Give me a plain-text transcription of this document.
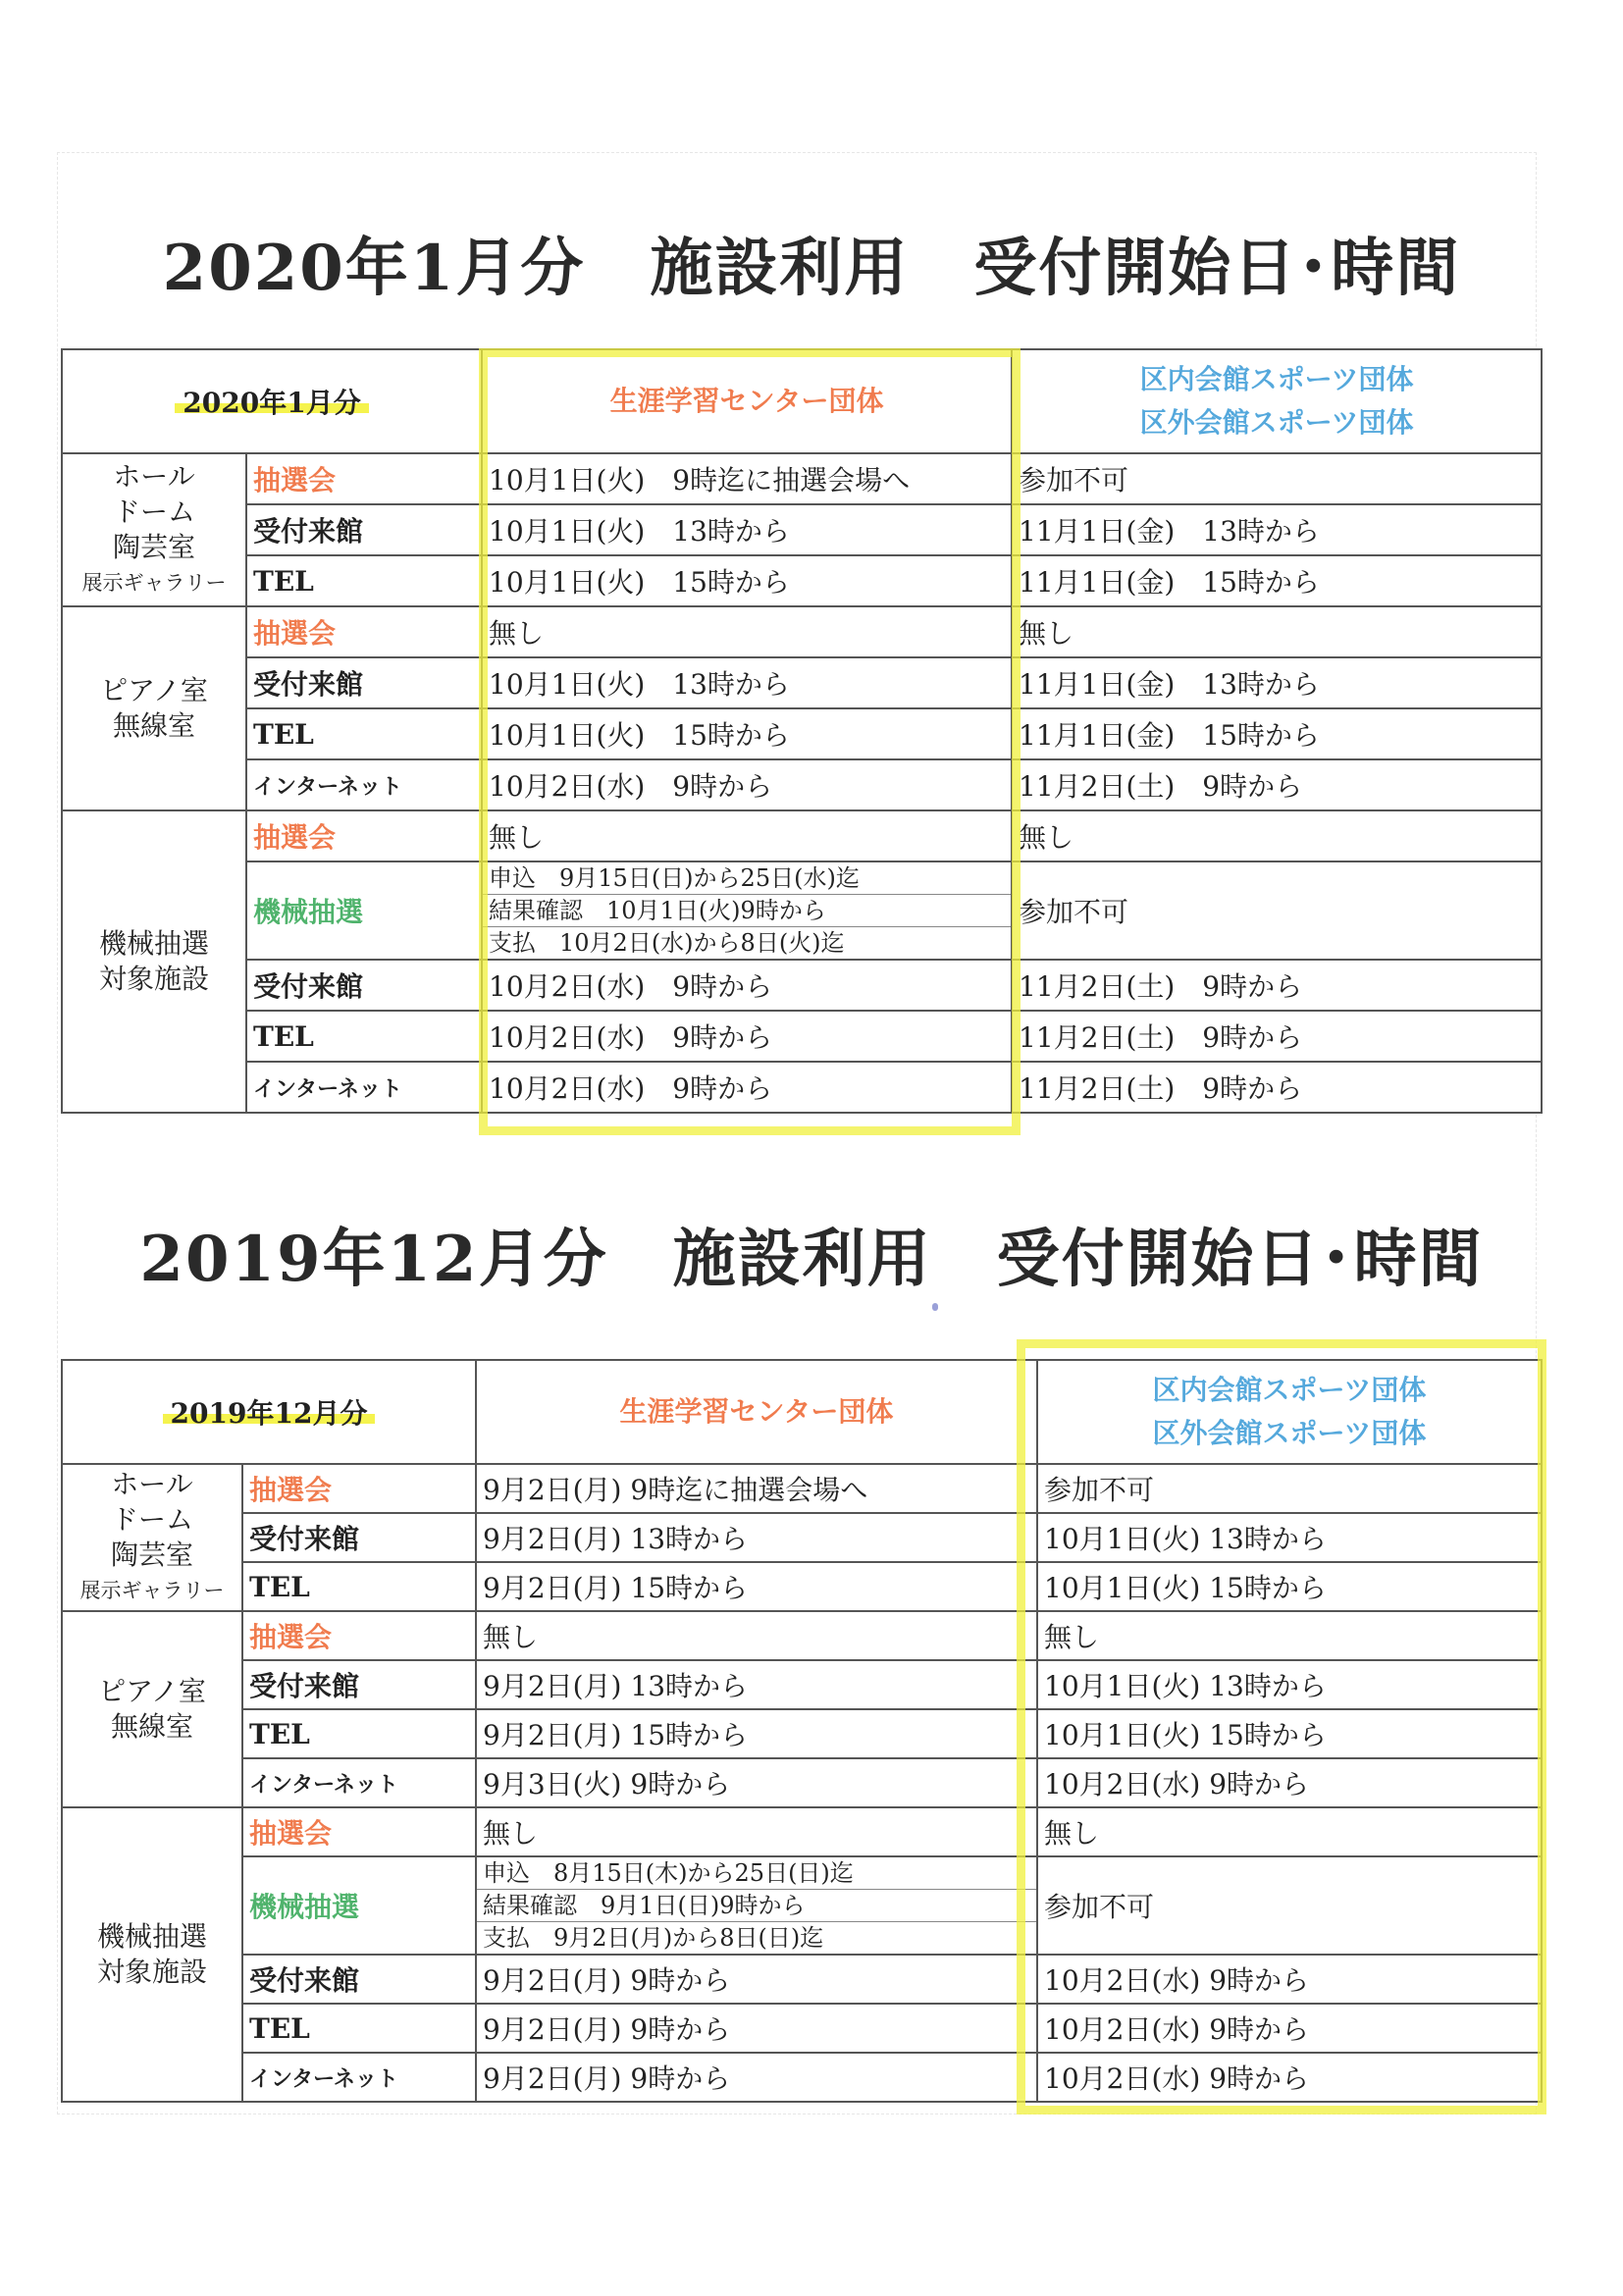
2020年1月分　施設利用　受付開始日･時間
2020年1月分		生涯学習センター団体	区内会館スポーツ団体
区外会館スポーツ団体

ホール
ドーム
陶芸室
展示ギャラリー	抽選会	10月1日(火)　9時迄に抽選会場へ	参加不可
	受付来館	10月1日(火)　13時から	11月1日(金)　13時から
	TEL	10月1日(火)　15時から	11月1日(金)　15時から

ピアノ室
無線室	抽選会	無し	無し
	受付来館	10月1日(火)　13時から	11月1日(金)　13時から
	TEL	10月1日(火)　15時から	11月1日(金)　15時から
	インターネット	10月2日(水)　9時から	11月2日(土)　9時から

機械抽選
対象施設	抽選会	無し	無し
	機械抽選	申込　9月15日(日)から25日(水)迄
結果確認　10月1日(火)9時から
支払　10月2日(水)から8日(火)迄	参加不可
	受付来館	10月2日(水)　9時から	11月2日(土)　9時から
	TEL	10月2日(水)　9時から	11月2日(土)　9時から
	インターネット	10月2日(水)　9時から	11月2日(土)　9時から
2019年12月分　施設利用　受付開始日･時間
2019年12月分		生涯学習センター団体	区内会館スポーツ団体
区外会館スポーツ団体

ホール
ドーム
陶芸室
展示ギャラリー	抽選会	9月2日(月) 9時迄に抽選会場へ	参加不可
	受付来館	9月2日(月) 13時から	10月1日(火) 13時から
	TEL	9月2日(月) 15時から	10月1日(火) 15時から

ピアノ室
無線室	抽選会	無し	無し
	受付来館	9月2日(月) 13時から	10月1日(火) 13時から
	TEL	9月2日(月) 15時から	10月1日(火) 15時から
	インターネット	9月3日(火) 9時から	10月2日(水) 9時から

機械抽選
対象施設	抽選会	無し	無し
	機械抽選	申込　8月15日(木)から25日(日)迄
結果確認　9月1日(日)9時から
支払　9月2日(月)から8日(日)迄	参加不可
	受付来館	9月2日(月) 9時から	10月2日(水) 9時から
	TEL	9月2日(月) 9時から	10月2日(水) 9時から
	インターネット	9月2日(月) 9時から	10月2日(水) 9時から
